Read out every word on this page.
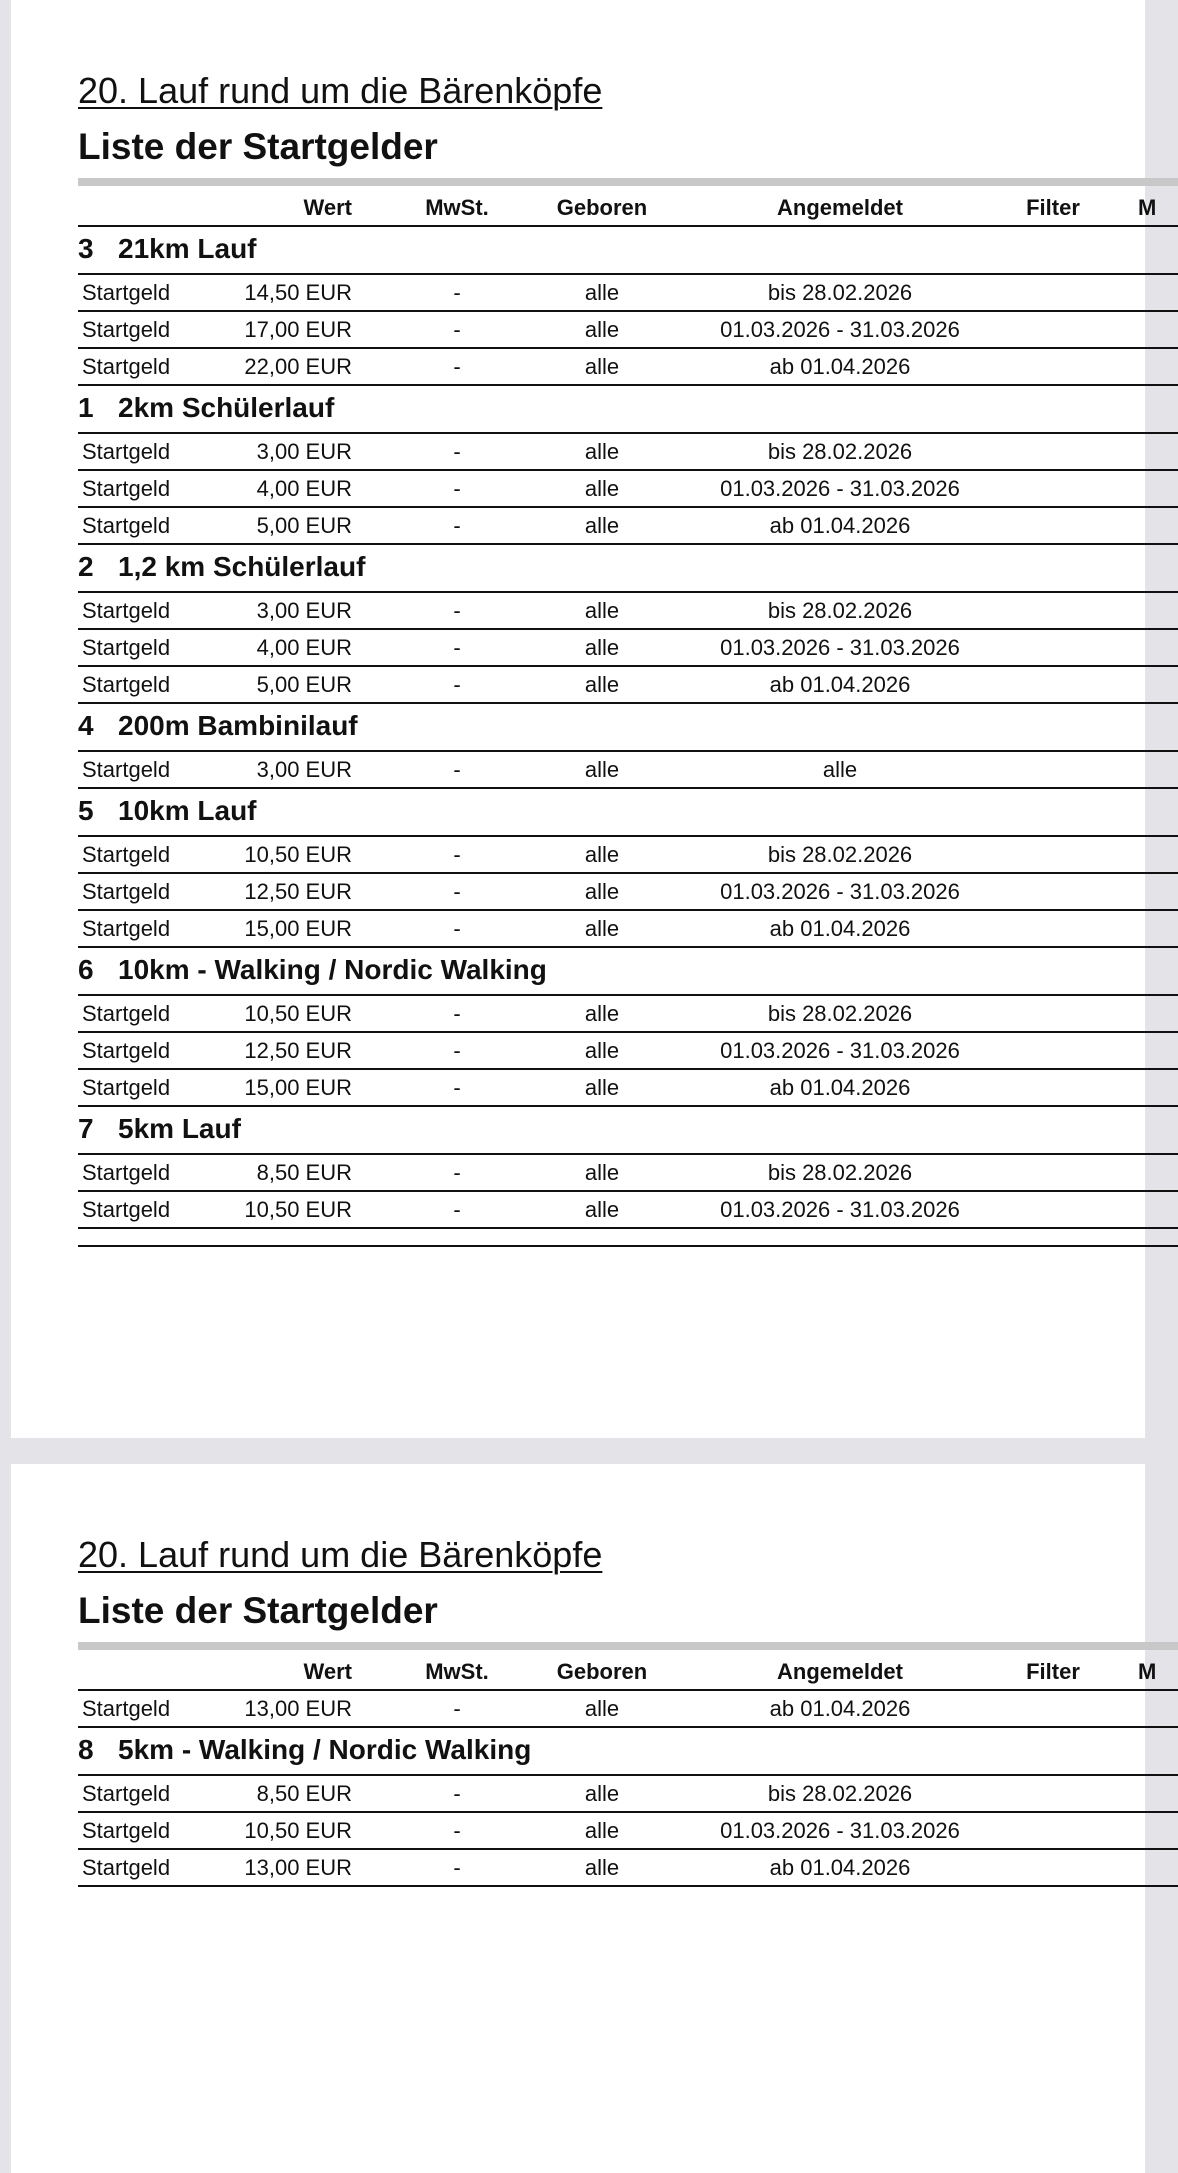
20. Lauf rund um die Bärenköpfe
Liste der Startgelder
Wert	MwSt.	Geboren	Angemeldet	Filter	M
3 21km Lauf
Startgeld	14,50 EUR	-	alle	bis 28.02.2026
Startgeld	17,00 EUR	-	alle	01.03.2026 - 31.03.2026
Startgeld	22,00 EUR	-	alle	ab 01.04.2026
1 2km Schülerlauf
Startgeld	3,00 EUR	-	alle	bis 28.02.2026
Startgeld	4,00 EUR	-	alle	01.03.2026 - 31.03.2026
Startgeld	5,00 EUR	-	alle	ab 01.04.2026
2 1,2 km Schülerlauf
Startgeld	3,00 EUR	-	alle	bis 28.02.2026
Startgeld	4,00 EUR	-	alle	01.03.2026 - 31.03.2026
Startgeld	5,00 EUR	-	alle	ab 01.04.2026
4 200m Bambinilauf
Startgeld	3,00 EUR	-	alle	alle
5 10km Lauf
Startgeld	10,50 EUR	-	alle	bis 28.02.2026
Startgeld	12,50 EUR	-	alle	01.03.2026 - 31.03.2026
Startgeld	15,00 EUR	-	alle	ab 01.04.2026
6 10km - Walking / Nordic Walking
Startgeld	10,50 EUR	-	alle	bis 28.02.2026
Startgeld	12,50 EUR	-	alle	01.03.2026 - 31.03.2026
Startgeld	15,00 EUR	-	alle	ab 01.04.2026
7 5km Lauf
Startgeld	8,50 EUR	-	alle	bis 28.02.2026
Startgeld	10,50 EUR	-	alle	01.03.2026 - 31.03.2026
20. Lauf rund um die Bärenköpfe
Liste der Startgelder
Wert	MwSt.	Geboren	Angemeldet	Filter	M
Startgeld	13,00 EUR	-	alle	ab 01.04.2026
8 5km - Walking / Nordic Walking
Startgeld	8,50 EUR	-	alle	bis 28.02.2026
Startgeld	10,50 EUR	-	alle	01.03.2026 - 31.03.2026
Startgeld	13,00 EUR	-	alle	ab 01.04.2026
